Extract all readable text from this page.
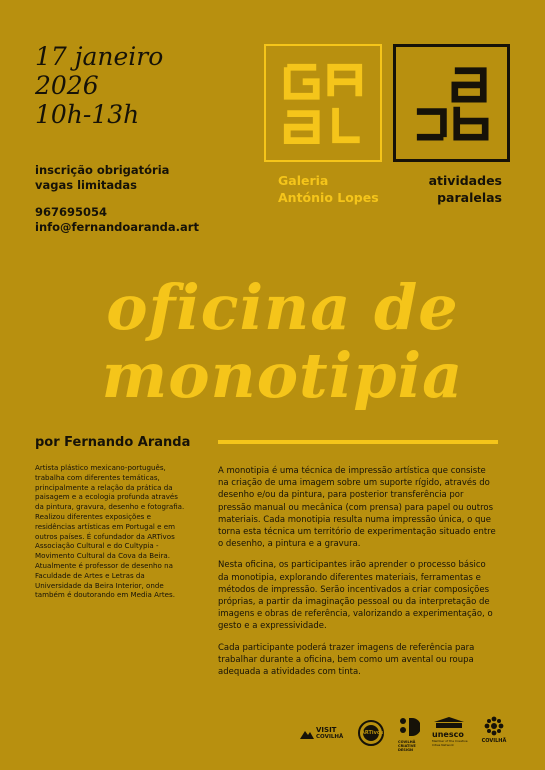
17 janeiro
2026
10h-13h
inscrição obrigatória
vagas limitadas
967695054
info@fernandoaranda.art
Galeria
António Lopes
atividades
paralelas
oficina de
monotipia
por Fernando Aranda
Artista plástico mexicano-português, trabalha com diferentes temáticas, principalmente a relação da prática da paisagem e a ecologia profunda através da pintura, gravura, desenho e fotografia. Realizou diferentes exposições e residências artísticas em Portugal e em outros países. É cofundador da ARTivos Associação Cultural e do Cultypia - Movimento Cultural da Cova da Beira. Atualmente é professor de desenho na Faculdade de Artes e Letras da Universidade da Beira Interior, onde também é doutorando em Media Artes.

A monotipia é uma técnica de impressão artística que consiste na criação de uma imagem sobre um suporte rígido, através do desenho e/ou da pintura, para posterior transferência por pressão manual ou mecânica (com prensa) para papel ou outros materiais. Cada monotipia resulta numa impressão única, o que torna esta técnica um território de experimentação situado entre o desenho, a pintura e a gravura.

Nesta oficina, os participantes irão aprender o processo básico da monotipia, explorando diferentes materiais, ferramentas e métodos de impressão. Serão incentivados a criar composições próprias, a partir da imaginação pessoal ou da interpretação de imagens e obras de referência, valorizando a experimentação, o gesto e a expressividade.

Cada participante poderá trazer imagens de referência para trabalhar durante a oficina, bem como um avental ou roupa adequada a atividades com tinta.

VISIT
COVILHÃ
ARTivos
COVILHÃ CRIATIVE DESIGN
unesco
Member of the Creative Cities Network
COVILHÃ
